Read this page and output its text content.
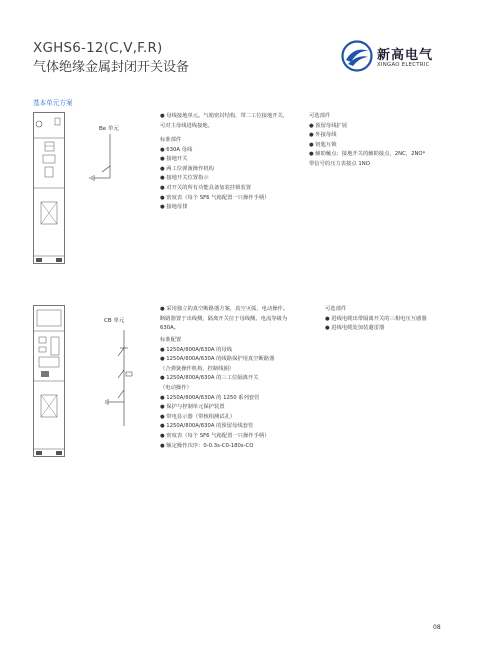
XGHS6-12(C,V,F.R)
气体绝缘金属封闭开关设备
新高电气
XINGAO ELECTRIC
基本单元方案
Be 单元
● 母线接地单元。气箱密封结构，带二工位接地开关，
可对主母线进线接地。
标准部件
● 630A 母线
● 接地开关
● 两工位弹簧操作机构
● 接地开关位置指示
● 对开关的所有功能具备加装挂锁装置
● 密度表（每个 SF6 气箱配置一只操作手柄）
● 接地母排
可选部件
● 预留母线扩展
● 外接母线
● 钥匙互锁
● 辅助触点：接地开关的辅助接点，2NC，2NO*
带信号的压力表接点 1NO
CB 单元
● 采用独立的真空断路器方案，真空灭弧，电动操作。
断路器置于出线侧，隔离开关位于母线侧。电流等级为
630A。
标准配置
● 1250A/800A/630A 的母线
● 1250A/800A/630A 的线路保护用真空断路器
（合弹簧操作机构、控制线圈）
● 1250A/800A/630A 的三工位隔离开关
（电动操作）
● 1250A/800A/630A 的 1250 系列套管
● 保护与控制单元保护装置
● 带电显示器（带核相测试孔）
● 1250A/800A/630A 的预留母线套管
● 密度表（每个 SF6 气箱配置一只操作手柄）
● 额定操作次序：0-0.3s-C0-180s-CO
可选部件
● 进线电缆出带隔离开关的三相电压互感器
● 进线电缆处加装避雷器
08
